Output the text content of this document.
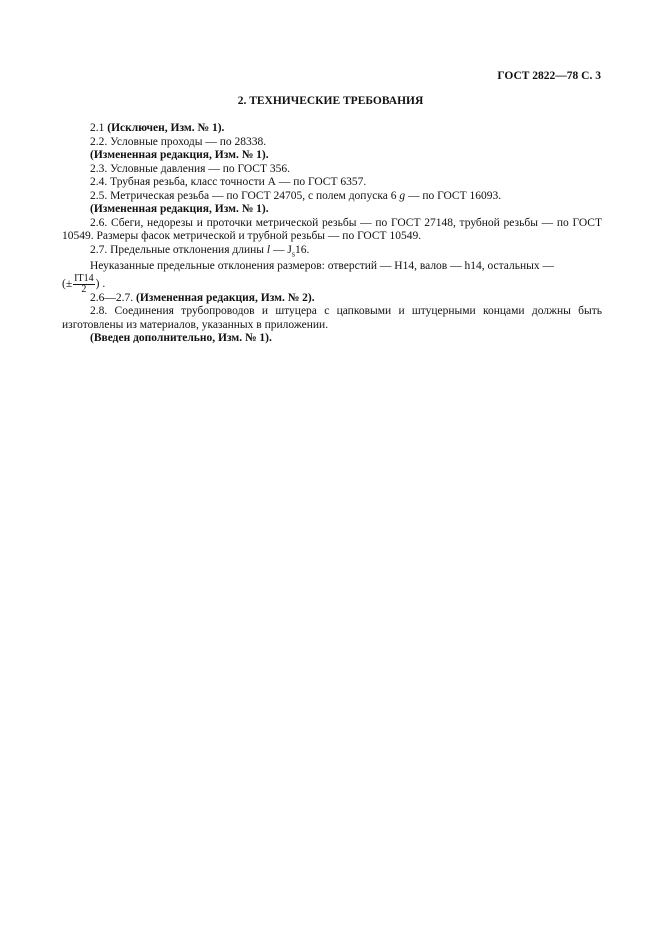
ГОСТ 2822—78 С. 3
2. ТЕХНИЧЕСКИЕ ТРЕБОВАНИЯ
2.1 (Исключен, Изм. № 1).
2.2. Условные проходы — по 28338.
(Измененная редакция, Изм. № 1).
2.3. Условные давления — по ГОСТ 356.
2.4. Трубная резьба, класс точности А — по ГОСТ 6357.
2.5. Метрическая резьба — по ГОСТ 24705, с полем допуска 6 g — по ГОСТ 16093.
(Измененная редакция, Изм. № 1).
2.6. Сбеги, недорезы и проточки метрической резьбы — по ГОСТ 27148, трубной резьбы — по ГОСТ 10549. Размеры фасок метрической и трубной резьбы — по ГОСТ 10549.
2.7. Предельные отклонения длины l — $J_s16$.
Неуказанные предельные отклонения размеров: отверстий — H14, валов — h14, остальных —
(± $\frac{IT14}{2}$ ) .
2.6—2.7. (Измененная редакция, Изм. № 2).
2.8. Соединения трубопроводов и штуцера с цапковыми и штуцерными концами должны быть изготовлены из материалов, указанных в приложении.
(Введен дополнительно, Изм. № 1).
